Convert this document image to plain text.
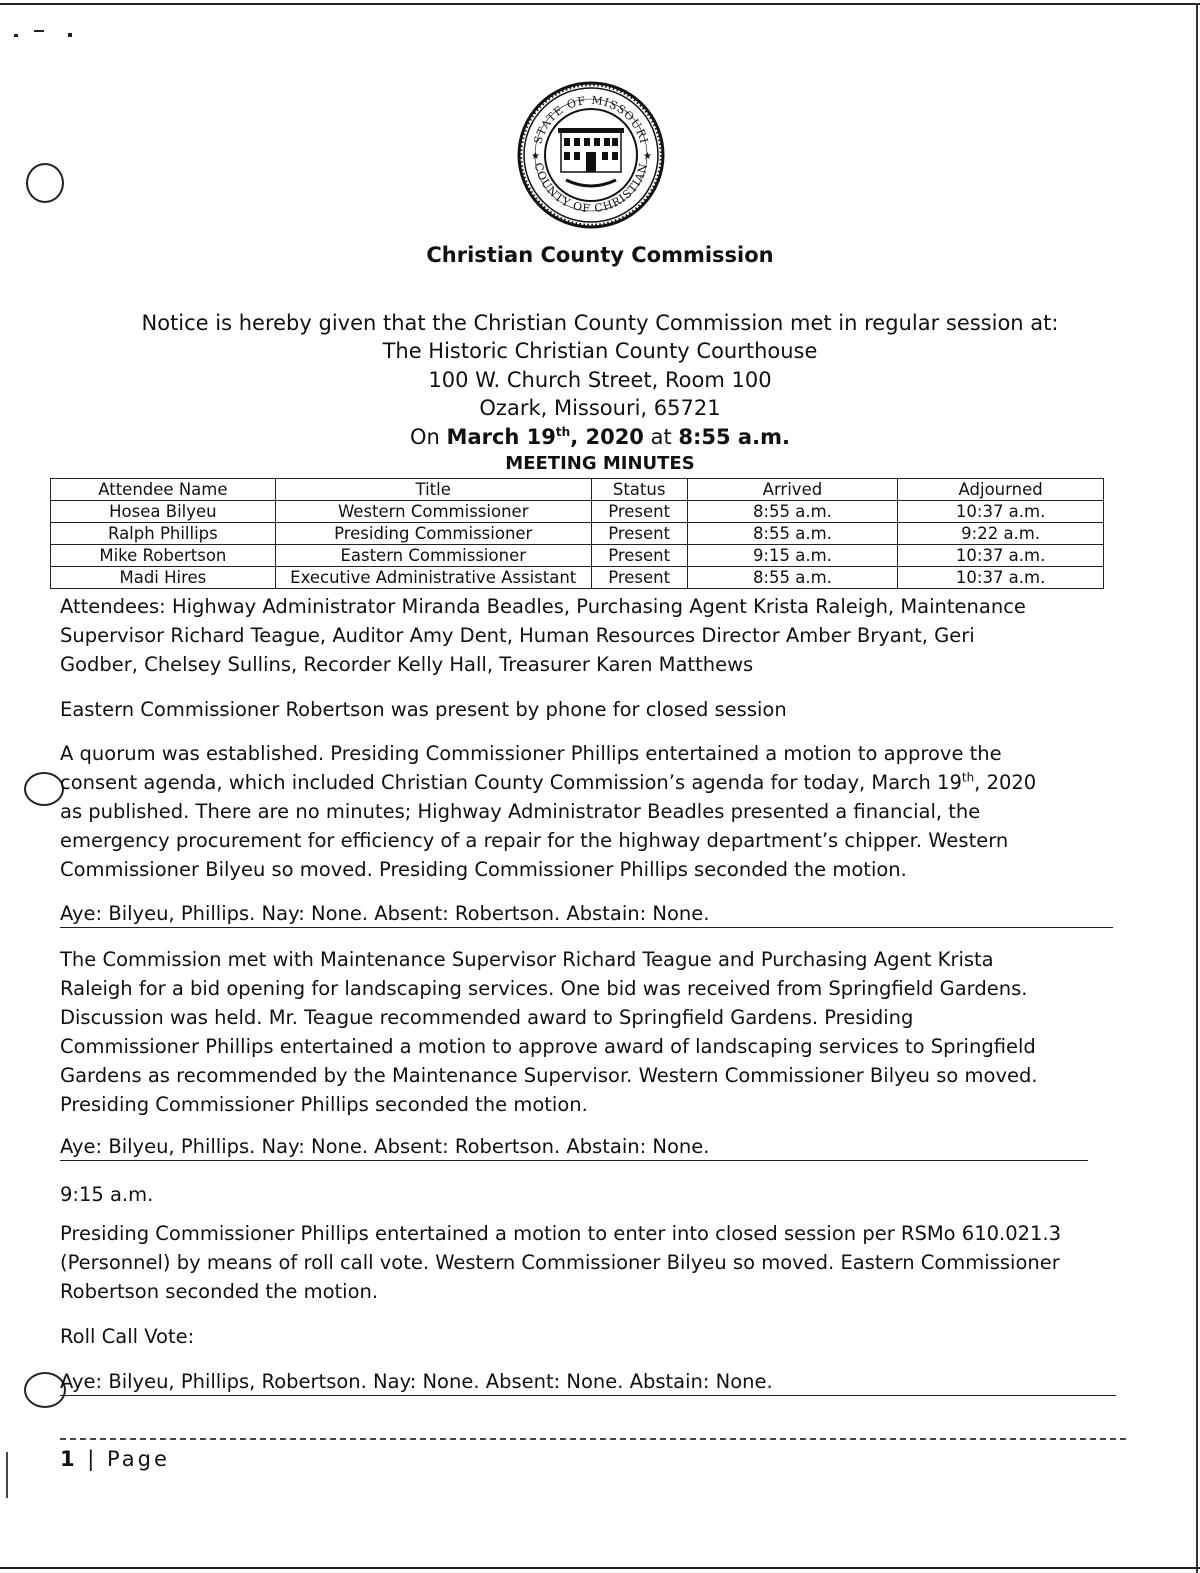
STATE OF MISSOURI
COUNTY OF CHRISTIAN
★	★
Christian County Commission
Notice is hereby given that the Christian County Commission met in regular session at:
The Historic Christian County Courthouse
100 W. Church Street, Room 100
Ozark, Missouri, 65721
On March 19th, 2020 at 8:55 a.m.
MEETING MINUTES
Attendee Name	Title	Status	Arrived	Adjourned
Hosea Bilyeu	Western Commissioner	Present	8:55 a.m.	10:37 a.m.
Ralph Phillips	Presiding Commissioner	Present	8:55 a.m.	9:22 a.m.
Mike Robertson	Eastern Commissioner	Present	9:15 a.m.	10:37 a.m.
Madi Hires	Executive Administrative Assistant	Present	8:55 a.m.	10:37 a.m.
Attendees: Highway Administrator Miranda Beadles, Purchasing Agent Krista Raleigh, Maintenance
Supervisor Richard Teague, Auditor Amy Dent, Human Resources Director Amber Bryant, Geri
Godber, Chelsey Sullins, Recorder Kelly Hall, Treasurer Karen Matthews
Eastern Commissioner Robertson was present by phone for closed session
A quorum was established. Presiding Commissioner Phillips entertained a motion to approve the
consent agenda, which included Christian County Commission’s agenda for today, March 19th, 2020
as published. There are no minutes; Highway Administrator Beadles presented a financial, the
emergency procurement for efficiency of a repair for the highway department’s chipper. Western
Commissioner Bilyeu so moved. Presiding Commissioner Phillips seconded the motion.
Aye: Bilyeu, Phillips. Nay: None. Absent: Robertson. Abstain: None.
The Commission met with Maintenance Supervisor Richard Teague and Purchasing Agent Krista
Raleigh for a bid opening for landscaping services. One bid was received from Springfield Gardens.
Discussion was held. Mr. Teague recommended award to Springfield Gardens. Presiding
Commissioner Phillips entertained a motion to approve award of landscaping services to Springfield
Gardens as recommended by the Maintenance Supervisor. Western Commissioner Bilyeu so moved.
Presiding Commissioner Phillips seconded the motion.
Aye: Bilyeu, Phillips. Nay: None. Absent: Robertson. Abstain: None.
9:15 a.m.
Presiding Commissioner Phillips entertained a motion to enter into closed session per RSMo 610.021.3
(Personnel) by means of roll call vote. Western Commissioner Bilyeu so moved. Eastern Commissioner
Robertson seconded the motion.
Roll Call Vote:
Aye: Bilyeu, Phillips, Robertson. Nay: None. Absent: None. Abstain: None.
1 | Page
